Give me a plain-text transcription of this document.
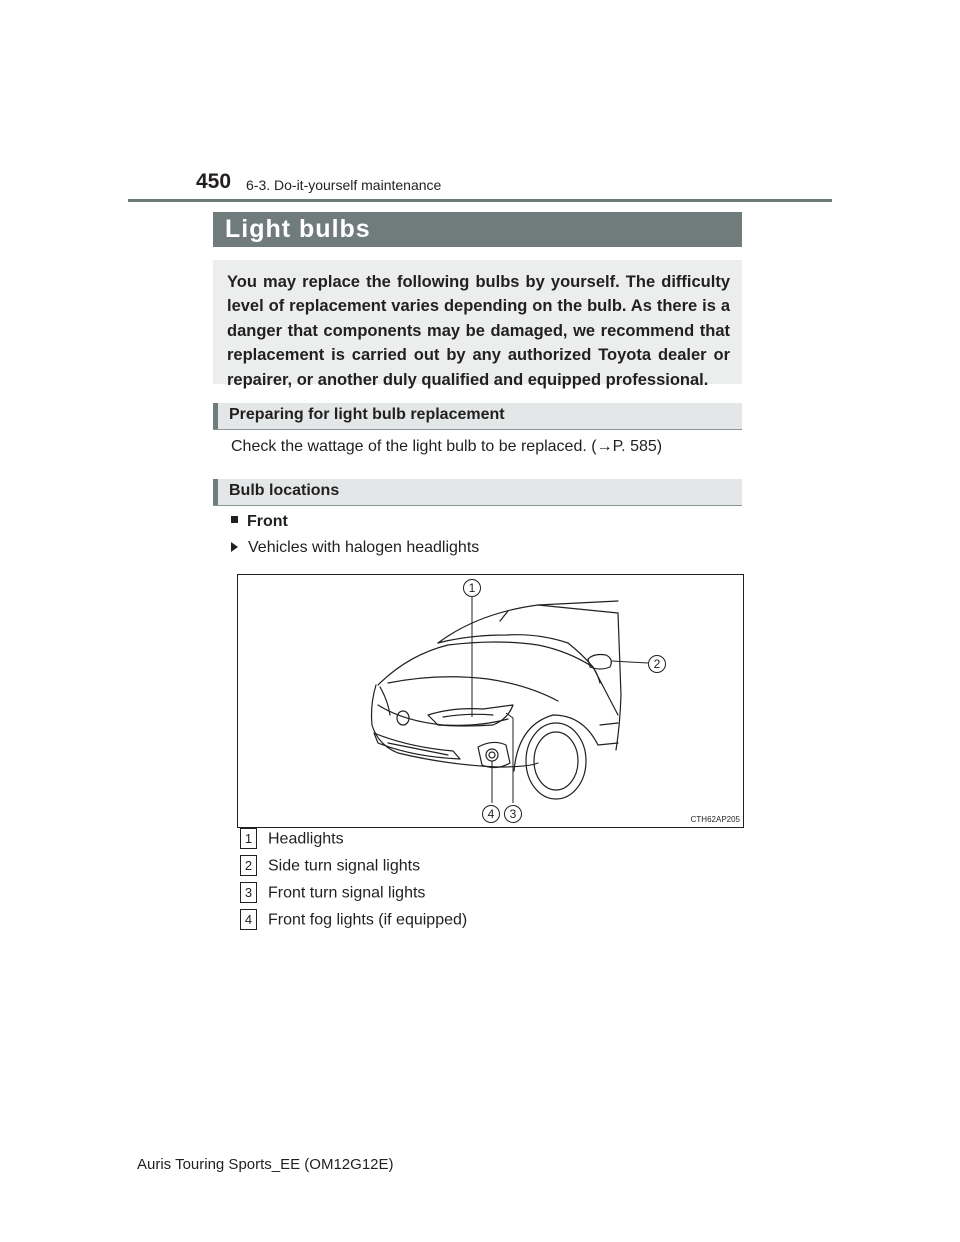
450 6-3. Do-it-yourself maintenance
Light bulbs
You may replace the following bulbs by yourself. The difficulty level of replacement varies depending on the bulb. As there is a danger that components may be damaged, we recommend that replacement is carried out by any authorized Toyota dealer or repairer, or another duly qualified and equipped professional.
Preparing for light bulb replacement
Check the wattage of the light bulb to be replaced. (→P. 585)
Bulb locations
Front
Vehicles with halogen headlights
1
2
3
4	CTH62AP205
1 Headlights
2 Side turn signal lights
3 Front turn signal lights
4 Front fog lights (if equipped)
Auris Touring Sports_EE (OM12G12E)
